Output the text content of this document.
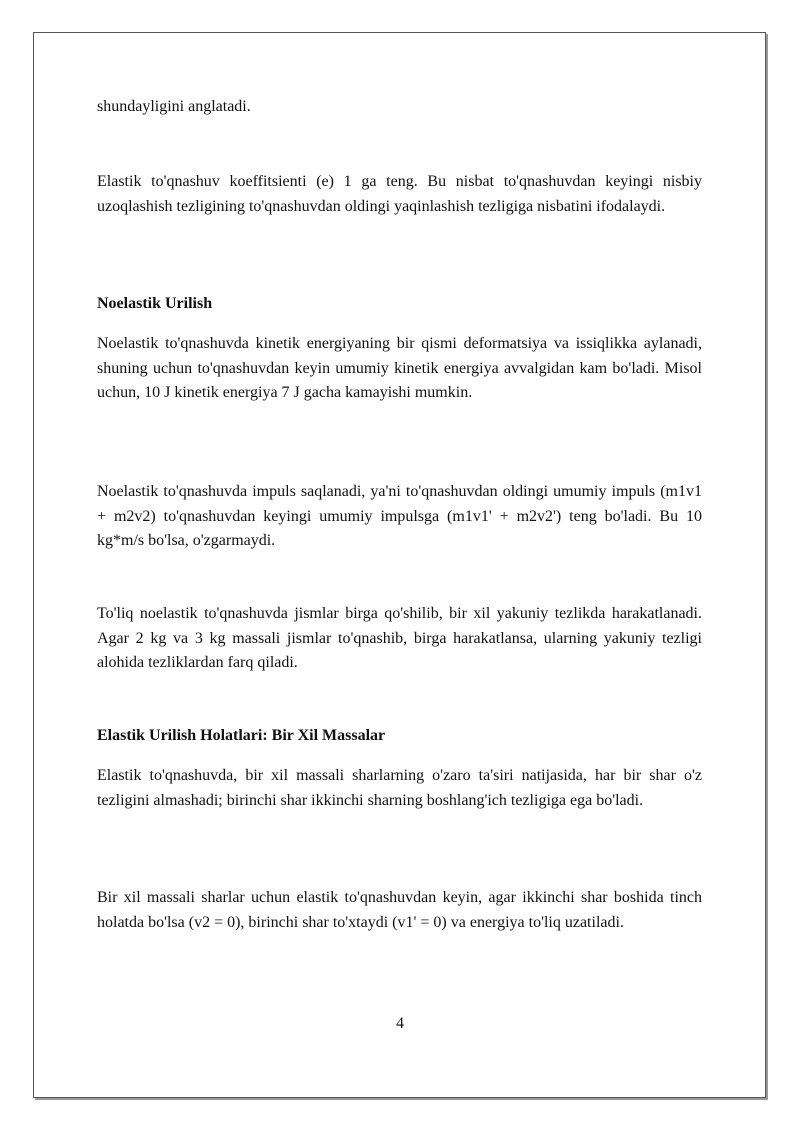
shundayligini anglatadi.

Elastik to'qnashuv koeffitsienti (e) 1 ga teng. Bu nisbat to'qnashuvdan keyingi nisbiy uzoqlashish tezligining to'qnashuvdan oldingi yaqinlashish tezligiga nisbatini ifodalaydi.

Noelastik Urilish

Noelastik to'qnashuvda kinetik energiyaning bir qismi deformatsiya va issiqlikka aylanadi, shuning uchun to'qnashuvdan keyin umumiy kinetik energiya avvalgidan kam bo'ladi. Misol uchun, 10 J kinetik energiya 7 J gacha kamayishi mumkin.

Noelastik to'qnashuvda impuls saqlanadi, ya'ni to'qnashuvdan oldingi umumiy impuls (m1v1 + m2v2) to'qnashuvdan keyingi umumiy impulsga (m1v1' + m2v2') teng bo'ladi. Bu 10 kg*m/s bo'lsa, o'zgarmaydi.

To'liq noelastik to'qnashuvda jismlar birga qo'shilib, bir xil yakuniy tezlikda harakatlanadi. Agar 2 kg va 3 kg massali jismlar to'qnashib, birga harakatlansa, ularning yakuniy tezligi alohida tezliklardan farq qiladi.

Elastik Urilish Holatlari: Bir Xil Massalar

Elastik to'qnashuvda, bir xil massali sharlarning o'zaro ta'siri natijasida, har bir shar o'z tezligini almashadi; birinchi shar ikkinchi sharning boshlang'ich tezligiga ega bo'ladi.

Bir xil massali sharlar uchun elastik to'qnashuvdan keyin, agar ikkinchi shar boshida tinch holatda bo'lsa (v2 = 0), birinchi shar to'xtaydi (v1' = 0) va energiya to'liq uzatiladi.

4
